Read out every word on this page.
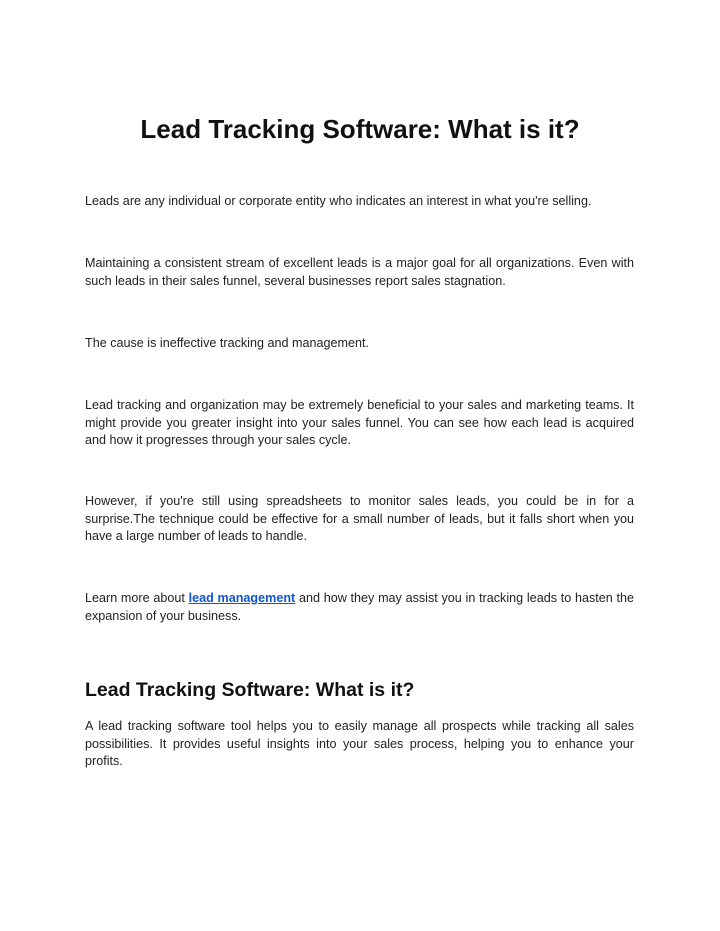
Lead Tracking Software: What is it?

Leads are any individual or corporate entity who indicates an interest in what you're selling.

Maintaining a consistent stream of excellent leads is a major goal for all organizations. Even with such leads in their sales funnel, several businesses report sales stagnation.

The cause is ineffective tracking and management.

Lead tracking and organization may be extremely beneficial to your sales and marketing teams. It might provide you greater insight into your sales funnel. You can see how each lead is acquired and how it progresses through your sales cycle.

However, if you're still using spreadsheets to monitor sales leads, you could be in for a surprise.The technique could be effective for a small number of leads, but it falls short when you have a large number of leads to handle.

Learn more about lead management and how they may assist you in tracking leads to hasten the expansion of your business.

Lead Tracking Software: What is it?

A lead tracking software tool helps you to easily manage all prospects while tracking all sales possibilities. It provides useful insights into your sales process, helping you to enhance your profits.
